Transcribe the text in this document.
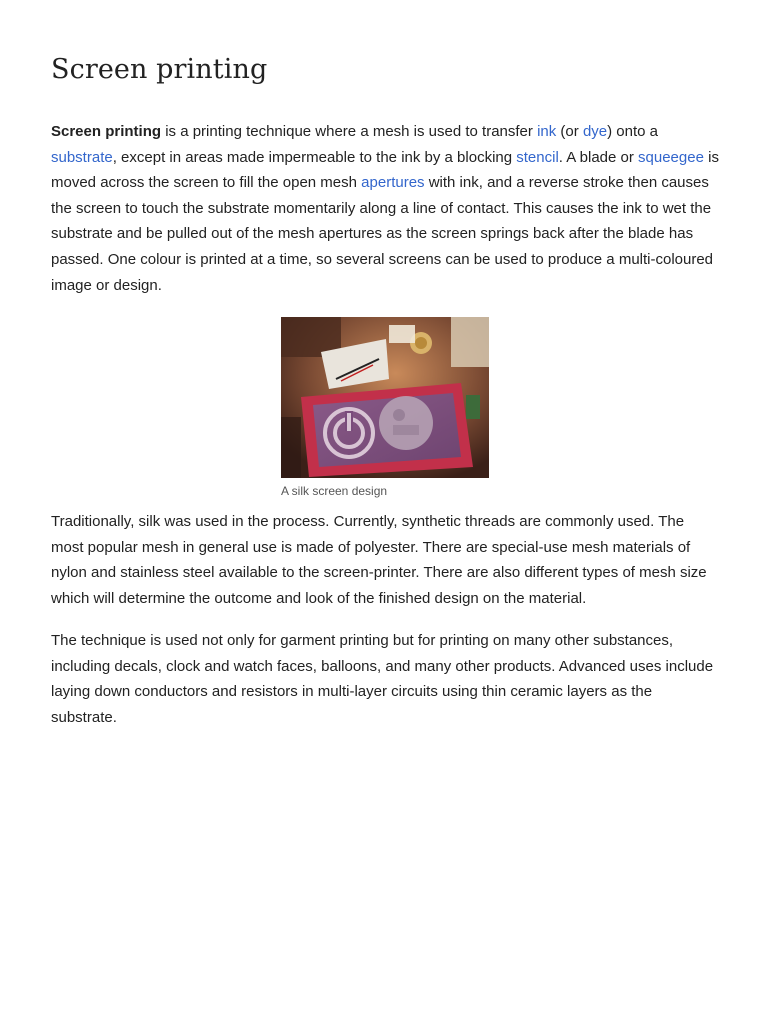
Screen printing

Screen printing is a printing technique where a mesh is used to transfer ink (or dye) onto a substrate, except in areas made impermeable to the ink by a blocking stencil. A blade or squeegee is moved across the screen to fill the open mesh apertures with ink, and a reverse stroke then causes the screen to touch the substrate momentarily along a line of contact. This causes the ink to wet the substrate and be pulled out of the mesh apertures as the screen springs back after the blade has passed. One colour is printed at a time, so several screens can be used to produce a multi-coloured image or design.

A silk screen design

Traditionally, silk was used in the process. Currently, synthetic threads are commonly used. The most popular mesh in general use is made of polyester. There are special-use mesh materials of nylon and stainless steel available to the screen-printer. There are also different types of mesh size which will determine the outcome and look of the finished design on the material.

The technique is used not only for garment printing but for printing on many other substances, including decals, clock and watch faces, balloons, and many other products. Advanced uses include laying down conductors and resistors in multi-layer circuits using thin ceramic layers as the substrate.
